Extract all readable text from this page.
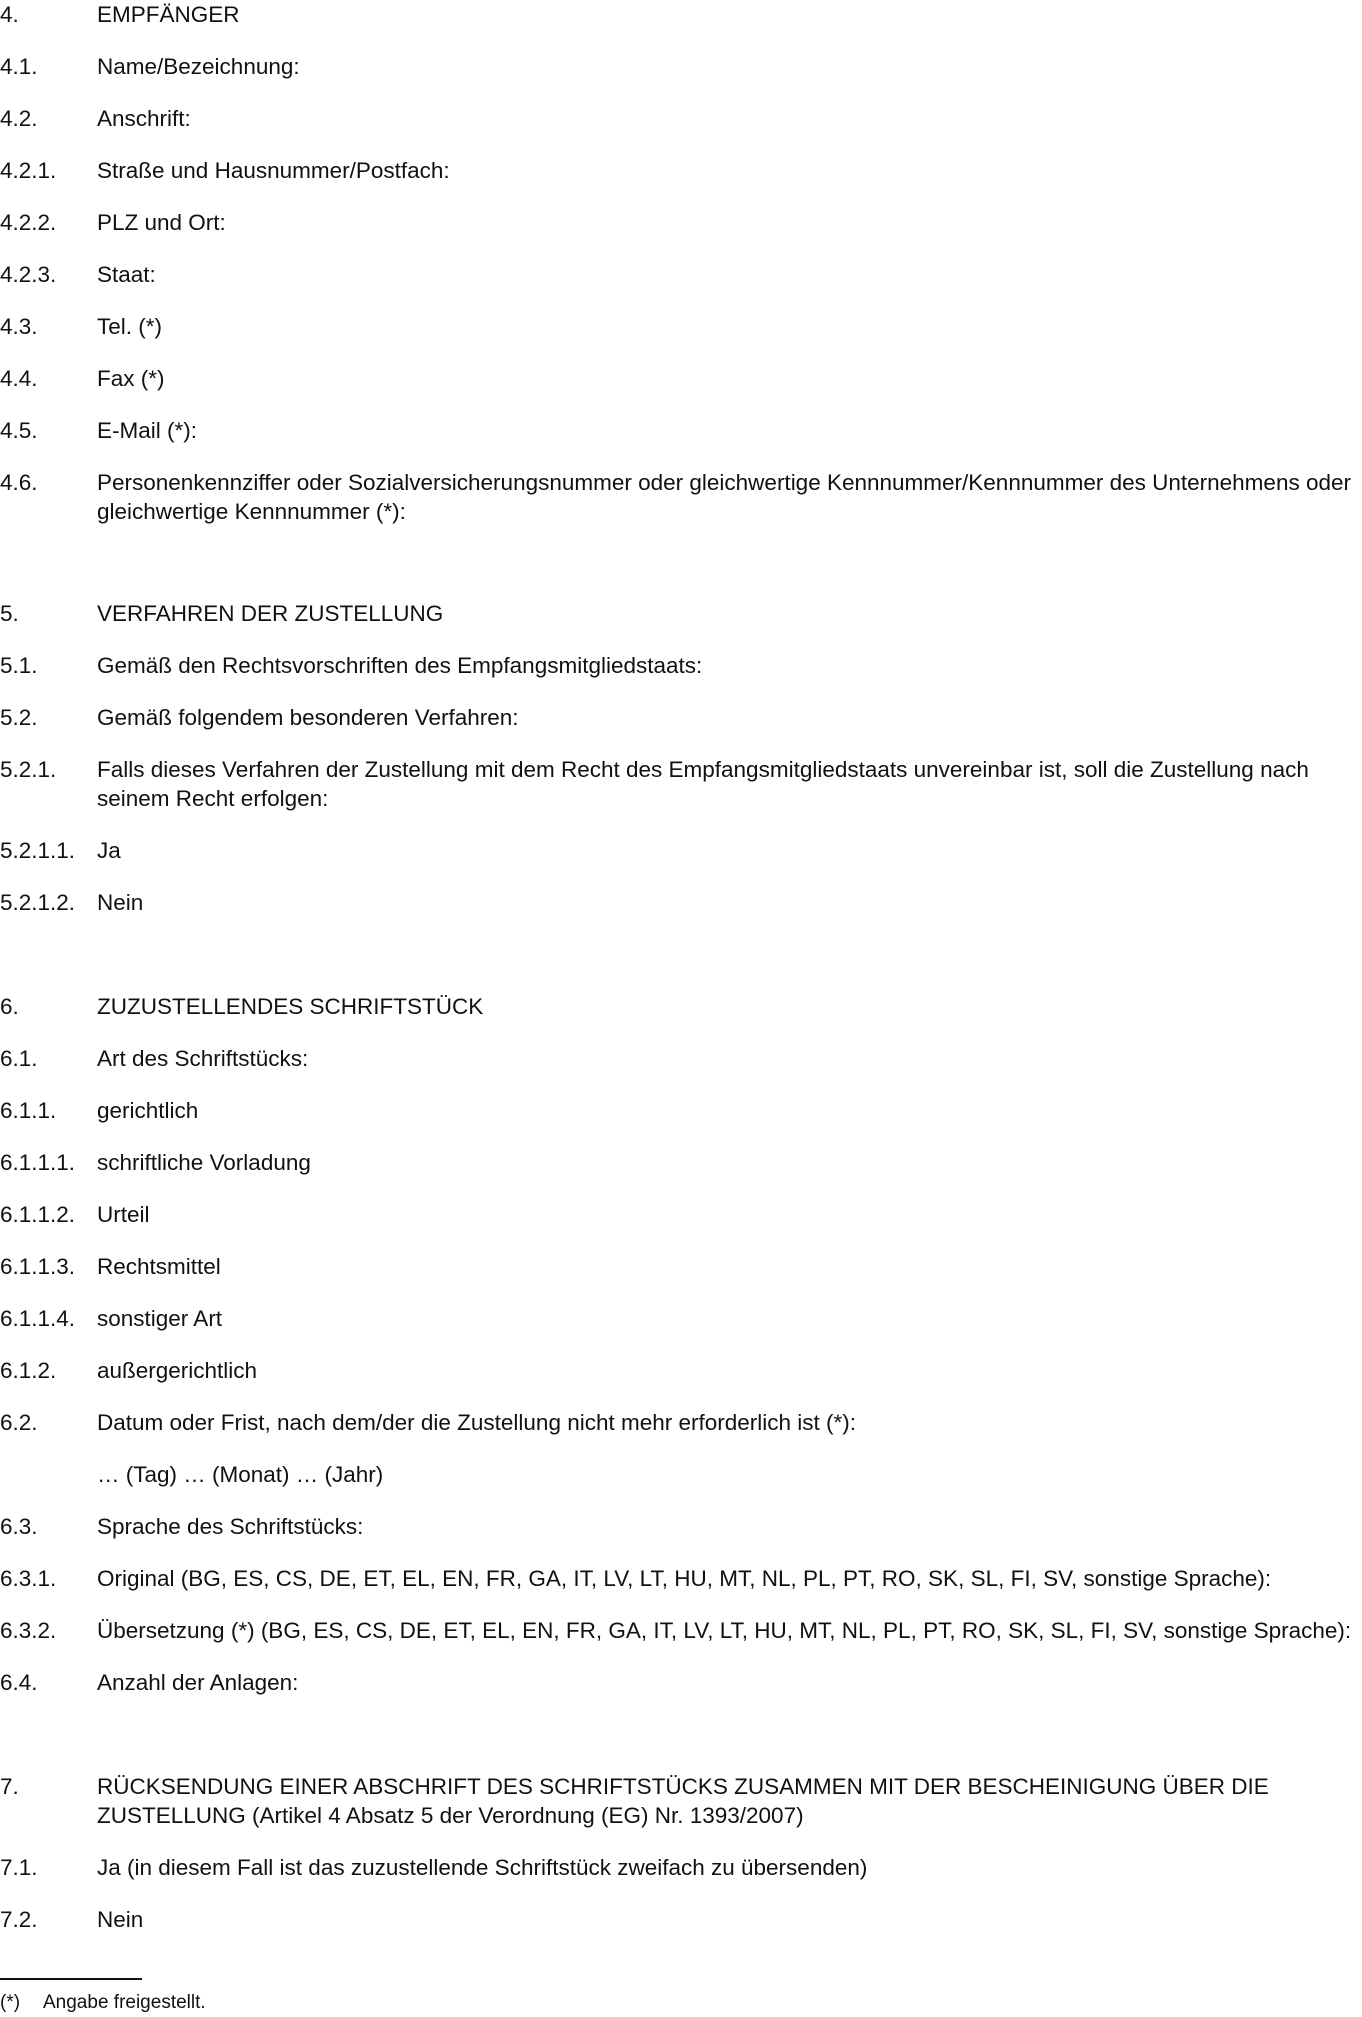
4.	EMPFÄNGER
4.1.	Name/Bezeichnung:
4.2.	Anschrift:
4.2.1.	Straße und Hausnummer/Postfach:
4.2.2.	PLZ und Ort:
4.2.3.	Staat:
4.3.	Tel. (*)
4.4.	Fax (*)
4.5.	E-Mail (*):
4.6.	Personenkennziffer oder Sozialversicherungsnummer oder gleichwertige Kennnummer/Kennnummer des Unternehmens oder gleichwertige Kennnummer (*):
5.	VERFAHREN DER ZUSTELLUNG
5.1.	Gemäß den Rechtsvorschriften des Empfangsmitgliedstaats:
5.2.	Gemäß folgendem besonderen Verfahren:
5.2.1.	Falls dieses Verfahren der Zustellung mit dem Recht des Empfangsmitgliedstaats unvereinbar ist, soll die Zustellung nach seinem Recht erfolgen:
5.2.1.1. Ja
5.2.1.2. Nein
6.	ZUZUSTELLENDES SCHRIFTSTÜCK
6.1.	Art des Schriftstücks:
6.1.1.	gerichtlich
6.1.1.1. schriftliche Vorladung
6.1.1.2. Urteil
6.1.1.3. Rechtsmittel
6.1.1.4. sonstiger Art
6.1.2.	außergerichtlich
6.2.	Datum oder Frist, nach dem/der die Zustellung nicht mehr erforderlich ist (*):
… (Tag) … (Monat) … (Jahr)
6.3.	Sprache des Schriftstücks:
6.3.1.	Original (BG, ES, CS, DE, ET, EL, EN, FR, GA, IT, LV, LT, HU, MT, NL, PL, PT, RO, SK, SL, FI, SV, sonstige Sprache):
6.3.2.	Übersetzung (*) (BG, ES, CS, DE, ET, EL, EN, FR, GA, IT, LV, LT, HU, MT, NL, PL, PT, RO, SK, SL, FI, SV, sonstige Sprache):
6.4.	Anzahl der Anlagen:
7.	RÜCKSENDUNG EINER ABSCHRIFT DES SCHRIFTSTÜCKS ZUSAMMEN MIT DER BESCHEINIGUNG ÜBER DIE ZUSTELLUNG (Artikel 4 Absatz 5 der Verordnung (EG) Nr. 1393/2007)
7.1.	Ja (in diesem Fall ist das zuzustellende Schriftstück zweifach zu übersenden)
7.2.	Nein
(*) Angabe freigestellt.
